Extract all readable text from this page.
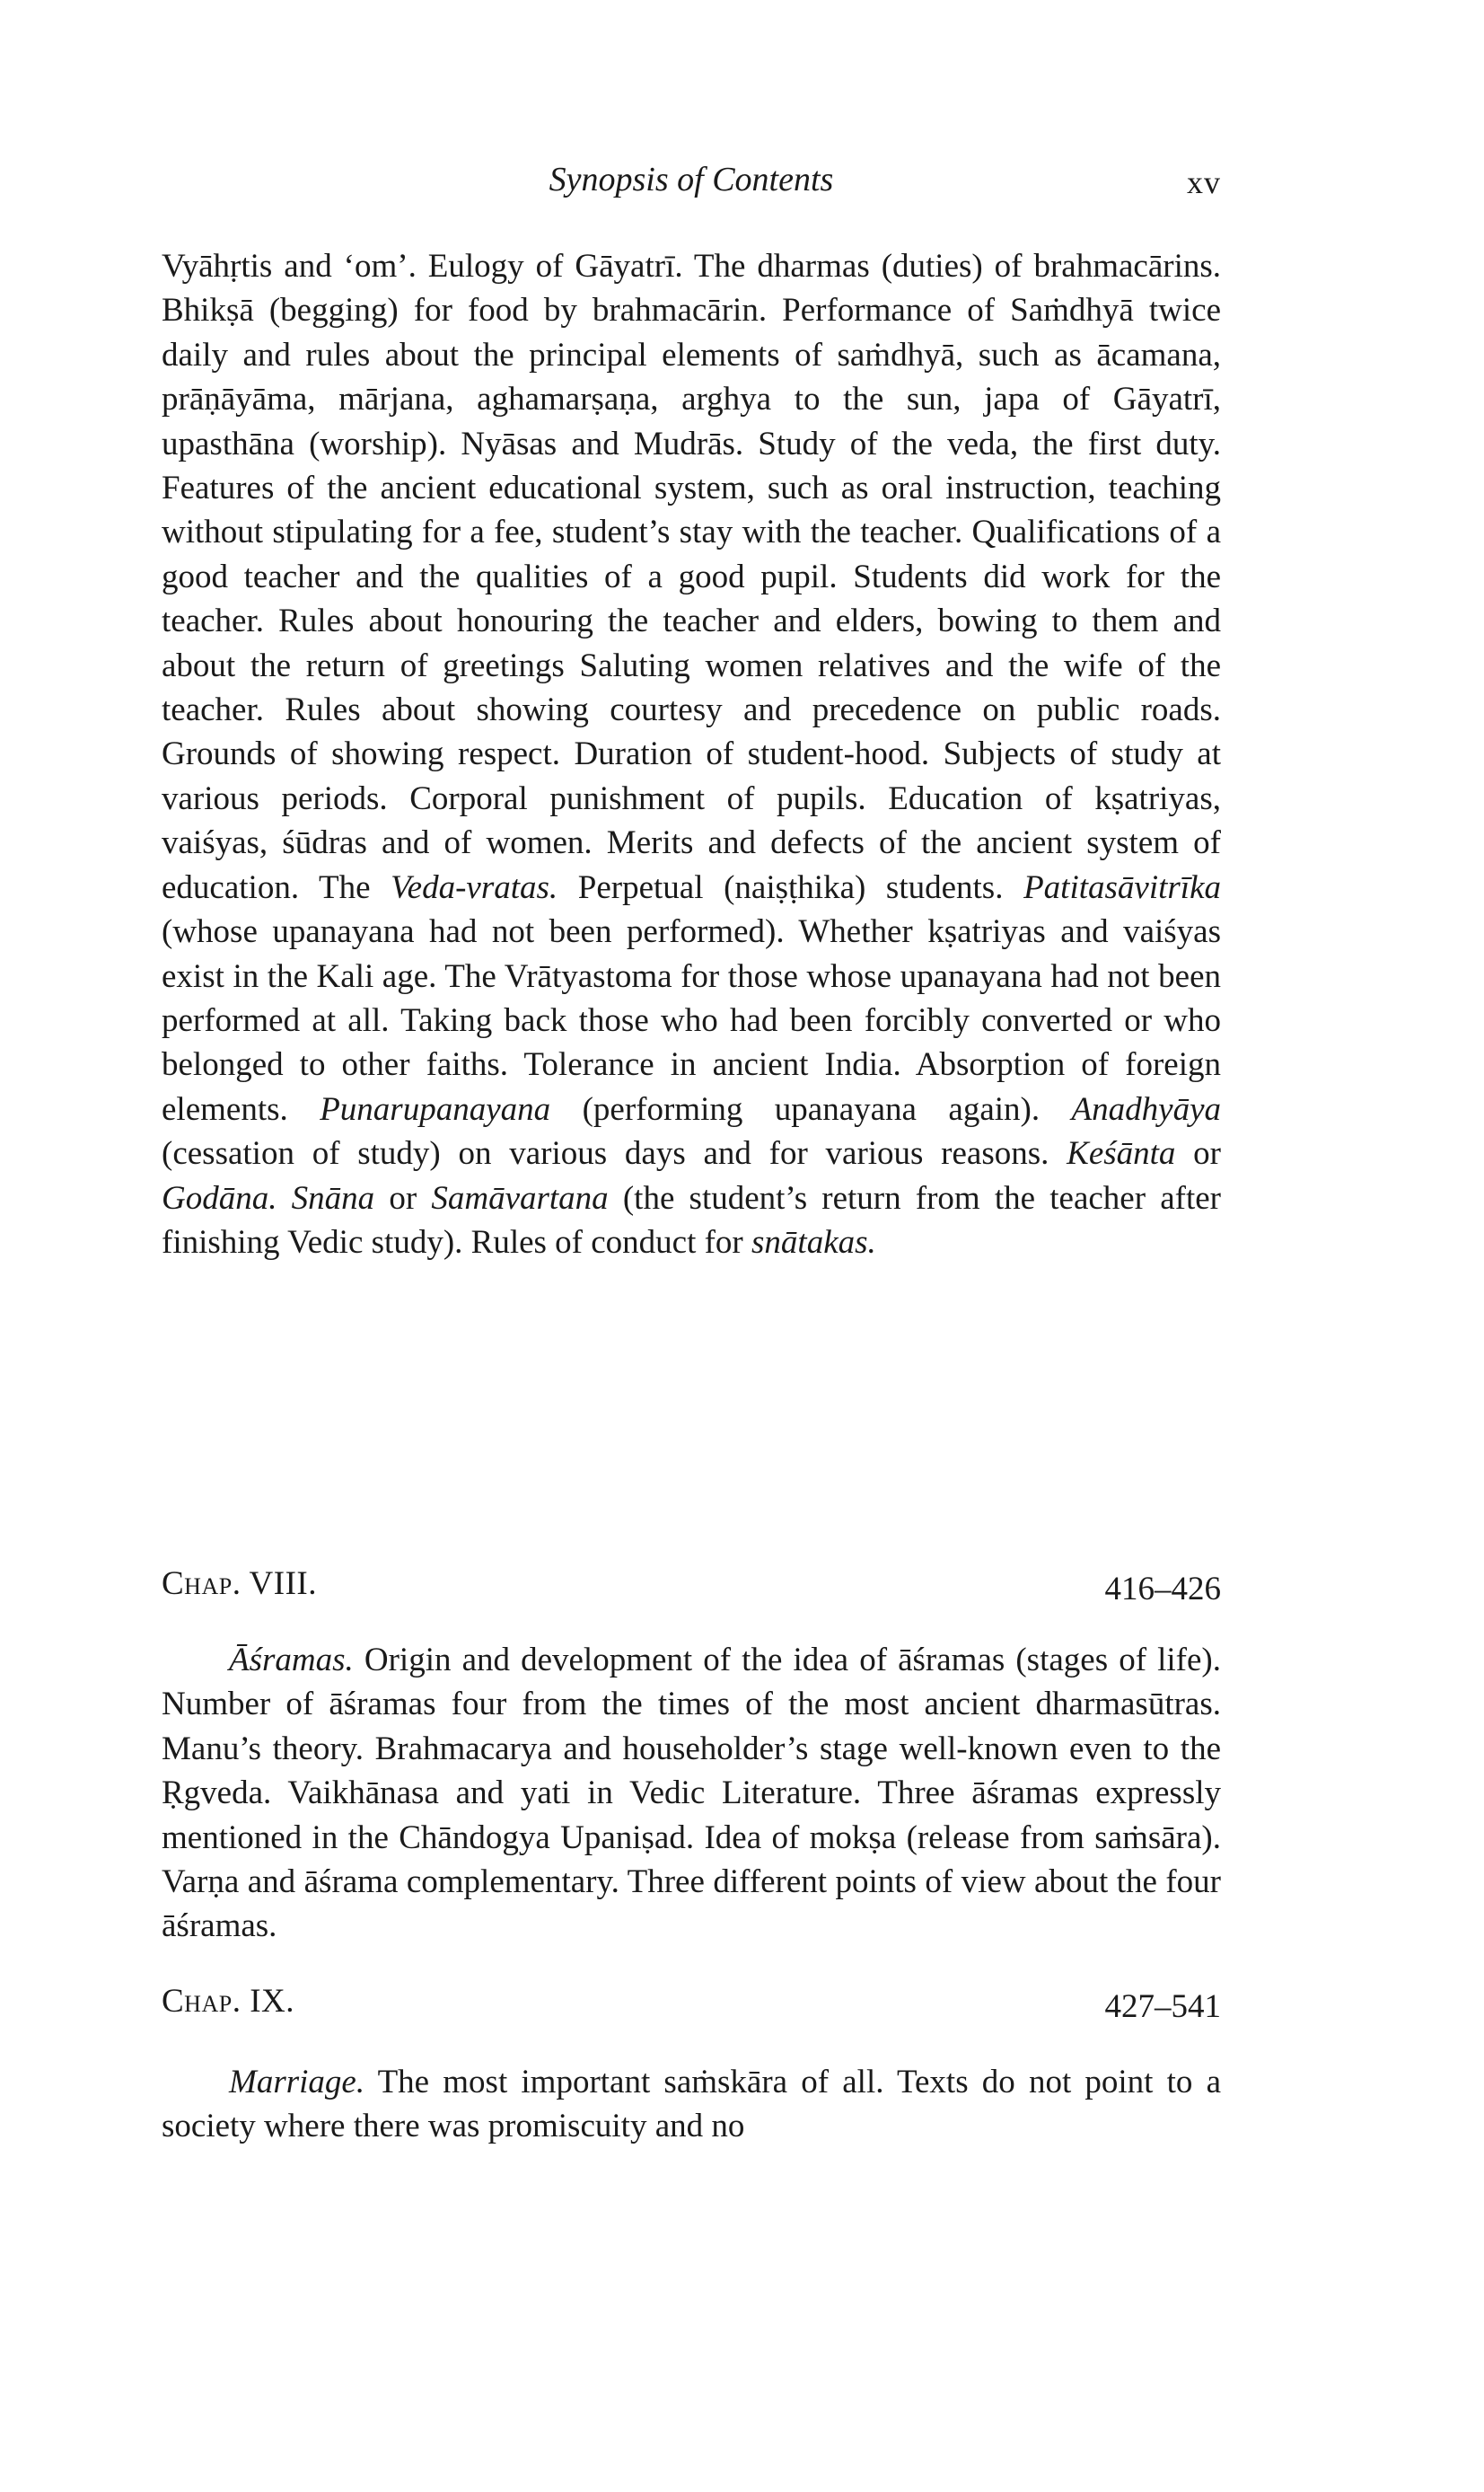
Synopsis of Contents	xv

Vyāhṛtis and ‘om’. Eulogy of Gāyatrī. The dharmas (duties) of brahmacārins. Bhikṣā (begging) for food by brahmacārin. Performance of Saṁdhyā twice daily and rules about the principal elements of saṁdhyā, such as ācamana, prāṇāyāma, mārjana, aghamarṣaṇa, arghya to the sun, japa of Gāyatrī, upasthāna (worship). Nyāsas and Mudrās. Study of the veda, the first duty. Features of the ancient educational system, such as oral instruction, teaching without stipulating for a fee, student’s stay with the teacher. Qualifications of a good teacher and the qualities of a good pupil. Students did work for the teacher. Rules about honouring the teacher and elders, bowing to them and about the return of greetings Saluting women relatives and the wife of the teacher. Rules about showing courtesy and precedence on public roads. Grounds of showing respect. Duration of student-hood. Subjects of study at various periods. Corporal punishment of pupils. Education of kṣatriyas, vaiśyas, śūdras and of women. Merits and defects of the ancient system of education. The Veda-vratas. Perpetual (naiṣṭhika) students. Patitasāvitrīka (whose upanayana had not been performed). Whether kṣatriyas and vaiśyas exist in the Kali age. The Vrātyastoma for those whose upanayana had not been performed at all. Taking back those who had been forcibly converted or who belonged to other faiths. Tolerance in ancient India. Absorption of foreign elements. Punarupanayana (performing upanayana again). Anadhyāya (cessation of study) on various days and for various reasons. Keśānta or Godāna. Snāna or Samāvartana (the student’s return from the teacher after finishing Vedic study). Rules of conduct for snātakas.

Chap. VIII.	416–426

Āśramas. Origin and development of the idea of āśramas (stages of life). Number of āśramas four from the times of the most ancient dharmasūtras. Manu’s theory. Brahmacarya and householder’s stage well-known even to the Ṛgveda. Vaikhānasa and yati in Vedic Literature. Three āśramas expressly mentioned in the Chāndogya Upaniṣad. Idea of mokṣa (release from saṁsāra). Varṇa and āśrama complementary. Three different points of view about the four āśramas.

Chap. IX.	427–541

Marriage. The most important saṁskāra of all. Texts do not point to a society where there was promiscuity and no
